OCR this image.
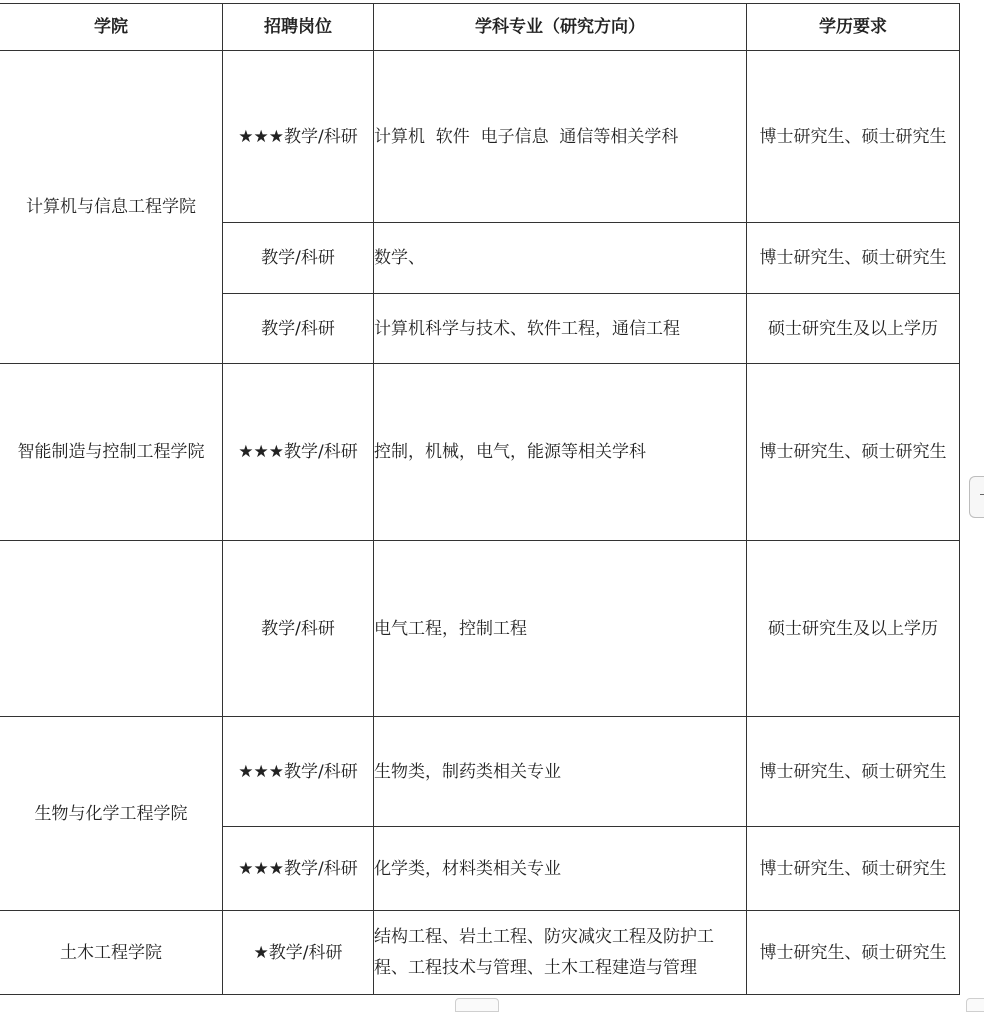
学院	招聘岗位	学科专业（研究方向）	学历要求
计算机与信息工程学院	★★★教学/科研	计算机  软件  电子信息  通信等相关学科	博士研究生、硕士研究生
	教学/科研	数学、	博士研究生、硕士研究生
	教学/科研	计算机科学与技术、软件工程，通信工程	硕士研究生及以上学历
智能制造与控制工程学院	★★★教学/科研	控制，机械，电气，能源等相关学科	博士研究生、硕士研究生
	教学/科研	电气工程，控制工程	硕士研究生及以上学历
生物与化学工程学院	★★★教学/科研	生物类，制药类相关专业	博士研究生、硕士研究生
	★★★教学/科研	化学类，材料类相关专业	博士研究生、硕士研究生
土木工程学院	★教学/科研	结构工程、岩土工程、防灾减灾工程及防护工程、工程技术与管理、土木工程建造与管理	博士研究生、硕士研究生
